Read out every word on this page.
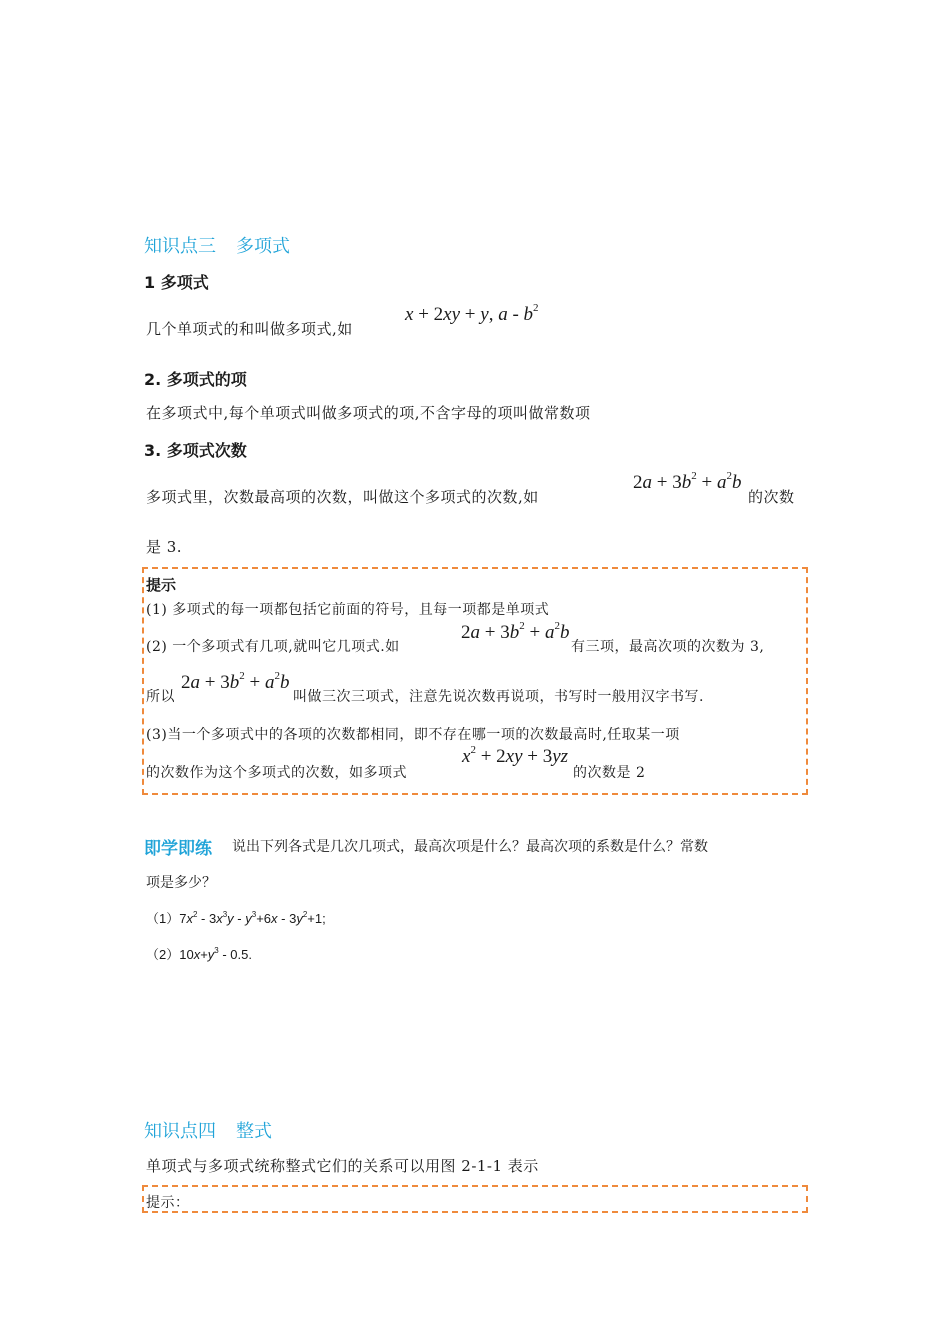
知识点三 多项式
1 多项式
几个单项式的和叫做多项式,如
x + 2xy + y, a - $b^2$
2. 多项式的项
在多项式中,每个单项式叫做多项式的项,不含字母的项叫做常数项
3. 多项式次数
多项式里，次数最高项的次数，叫做这个多项式的次数,如
$2a + 3b^2 + a^2b$
的次数
是 3.
提示
(1) 多项式的每一项都包括它前面的符号，且每一项都是单项式
(2) 一个多项式有几项,就叫它几项式.如
$2a + 3b^2 + a^2b$
有三项，最高次项的次数为 3,
所以
$2a + 3b^2 + a^2b$
叫做三次三项式，注意先说次数再说项，书写时一般用汉字书写.
(3)当一个多项式中的各项的次数都相同，即不存在哪一项的次数最高时,任取某一项
的次数作为这个多项式的次数，如多项式
$x^2 + 2xy + 3yz$
的次数是 2
即学即练 说出下列各式是几次几项式，最高次项是什么？最高次项的系数是什么？常数
项是多少？
$(1)7x^2 - 3x^3y - y^3+6x - 3y^2+1$;
$(2)10x+y^3 - 0.5$.
知识点四 整式
单项式与多项式统称整式它们的关系可以用图 2-1-1 表示
提示：
